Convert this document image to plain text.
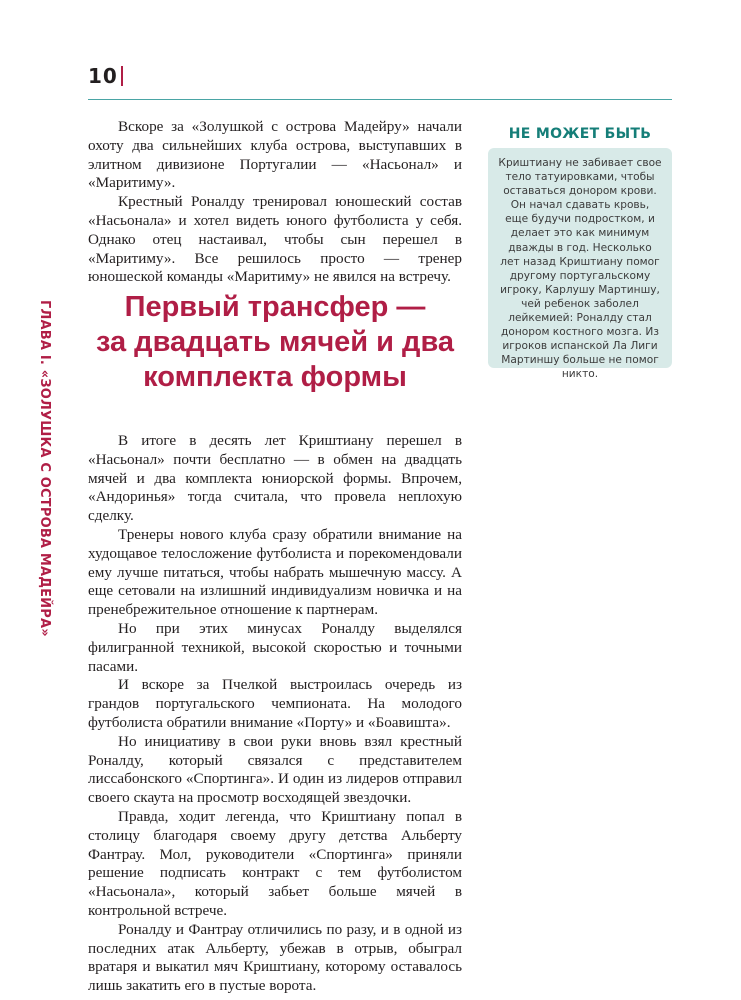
10
ГЛАВА I. «ЗОЛУШКА С ОСТРОВА МАДЕЙРА»

Вскоре за «Золушкой с острова Мадейру» начали охоту два сильнейших клуба острова, выступавших в элитном дивизионе Португалии — «Насьонал» и «Маритиму».

Крестный Роналду тренировал юношеский состав «Насьонала» и хотел видеть юного футболиста у себя. Однако отец настаивал, чтобы сын перешел в «Маритиму». Все решилось просто — тренер юношеской команды «Маритиму» не явился на встречу.

Первый трансфер —
за двадцать мячей и два
комплекта формы

В итоге в десять лет Криштиану перешел в «Насьонал» почти бесплатно — в обмен на двадцать мячей и два комплекта юниорской формы. Впрочем, «Андоринья» тогда считала, что провела неплохую сделку.

Тренеры нового клуба сразу обратили внимание на худощавое телосложение футболиста и порекомендовали ему лучше питаться, чтобы набрать мышечную массу. А еще сетовали на излишний индивидуализм новичка и на пренебрежительное отношение к партнерам.

Но при этих минусах Роналду выделялся филигранной техникой, высокой скоростью и точными пасами.

И вскоре за Пчелкой выстроилась очередь из грандов португальского чемпионата. На молодого футболиста обратили внимание «Порту» и «Боавишта».

Но инициативу в свои руки вновь взял крестный Роналду, который связался с представителем лиссабонского «Спортинга». И один из лидеров отправил своего скаута на просмотр восходящей звездочки.

Правда, ходит легенда, что Криштиану попал в столицу благодаря своему другу детства Альберту Фантрау. Мол, руководители «Спортинга» приняли решение подписать контракт с тем футболистом «Насьонала», который забьет больше мячей в контрольной встрече.

Роналду и Фантрау отличились по разу, и в одной из последних атак Альберту, убежав в отрыв, обыграл вратаря и выкатил мяч Криштиану, которому оставалось лишь закатить его в пустые ворота.

НЕ МОЖЕТ БЫТЬ
Криштиану не забивает свое тело татуировками, чтобы оставаться донором крови. Он начал сдавать кровь, еще будучи подростком, и делает это как минимум дважды в год. Несколько лет назад Криштиану помог другому португальскому игроку, Карлушу Мартиншу, чей ребенок заболел лейкемией: Роналду стал донором костного мозга. Из игроков испанской Ла Лиги Мартиншу больше не помог никто.
